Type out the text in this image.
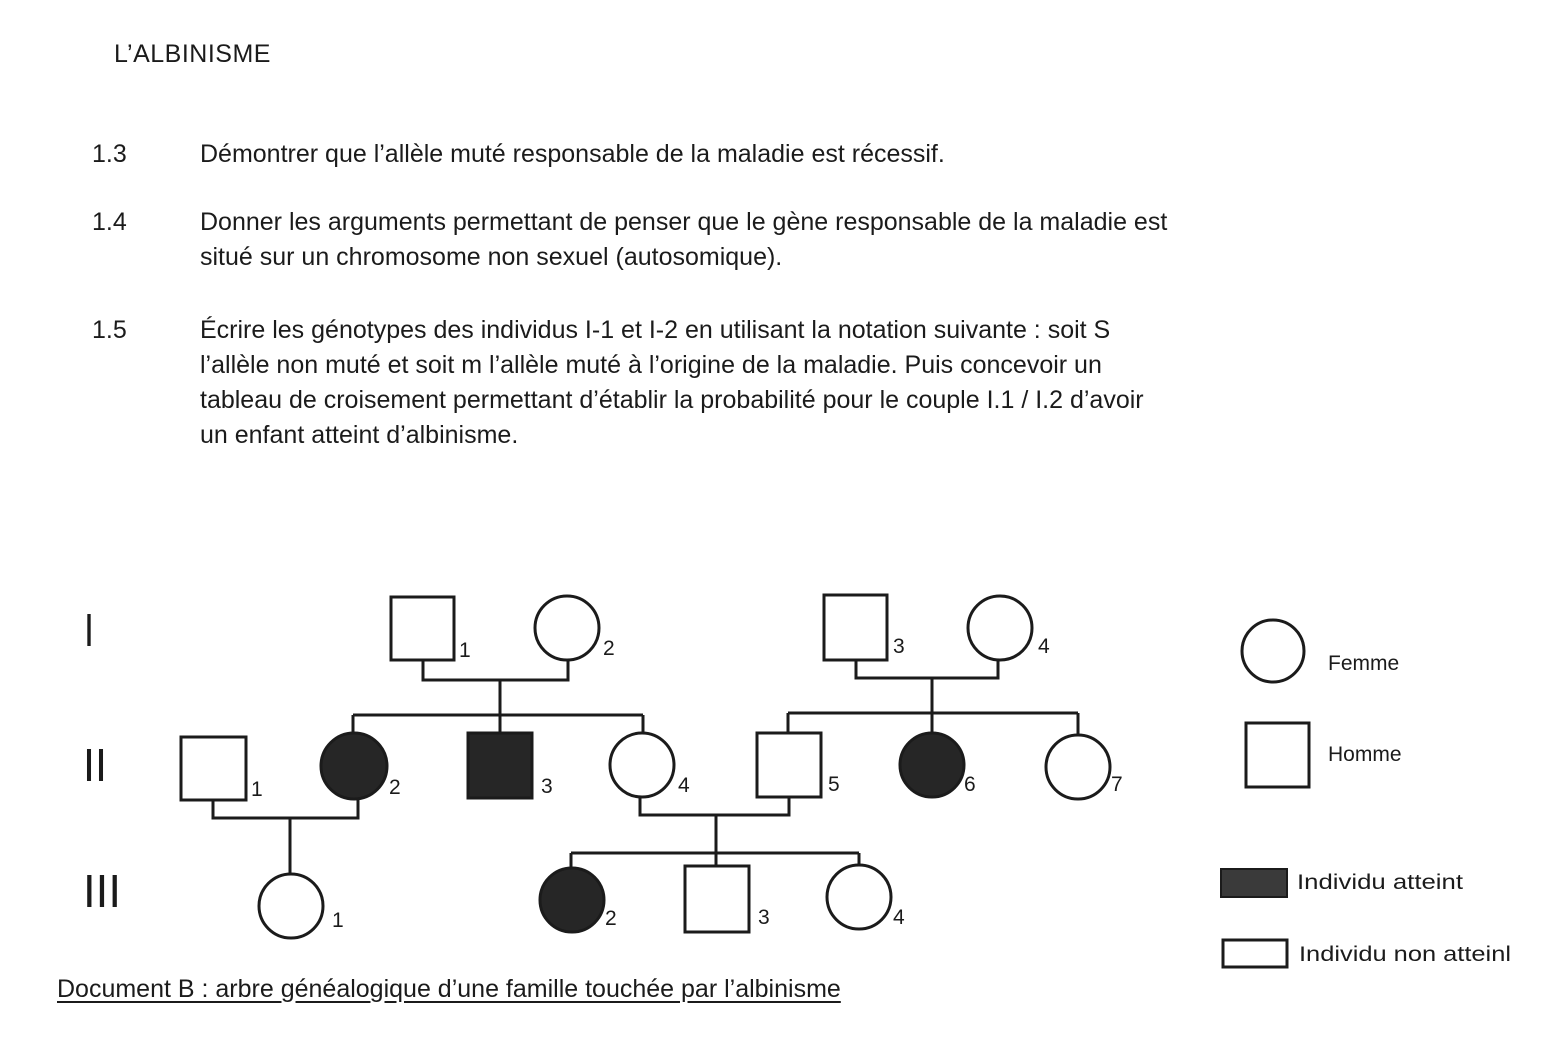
L’ALBINISME
1.3	Démontrer que l’allèle muté responsable de la maladie est récessif.
1.4	Donner les arguments permettant de penser que le gène responsable de la maladie est
situé sur un chromosome non sexuel (autosomique).
1.5	Écrire les génotypes des individus I-1 et I-2 en utilisant la notation suivante : soit S
l’allèle non muté et soit m l’allèle muté à l’origine de la maladie. Puis concevoir un
tableau de croisement permettant d’établir la probabilité pour le couple I.1 / I.2 d’avoir
un enfant atteint d’albinisme.
I
II
III
1	2	3	4
1	2	3	4	5	6	7
1	2	3	4
Femme
Homme
Individu atteint
Individu non atteinl
Document B : arbre généalogique d’une famille touchée par l’albinisme
